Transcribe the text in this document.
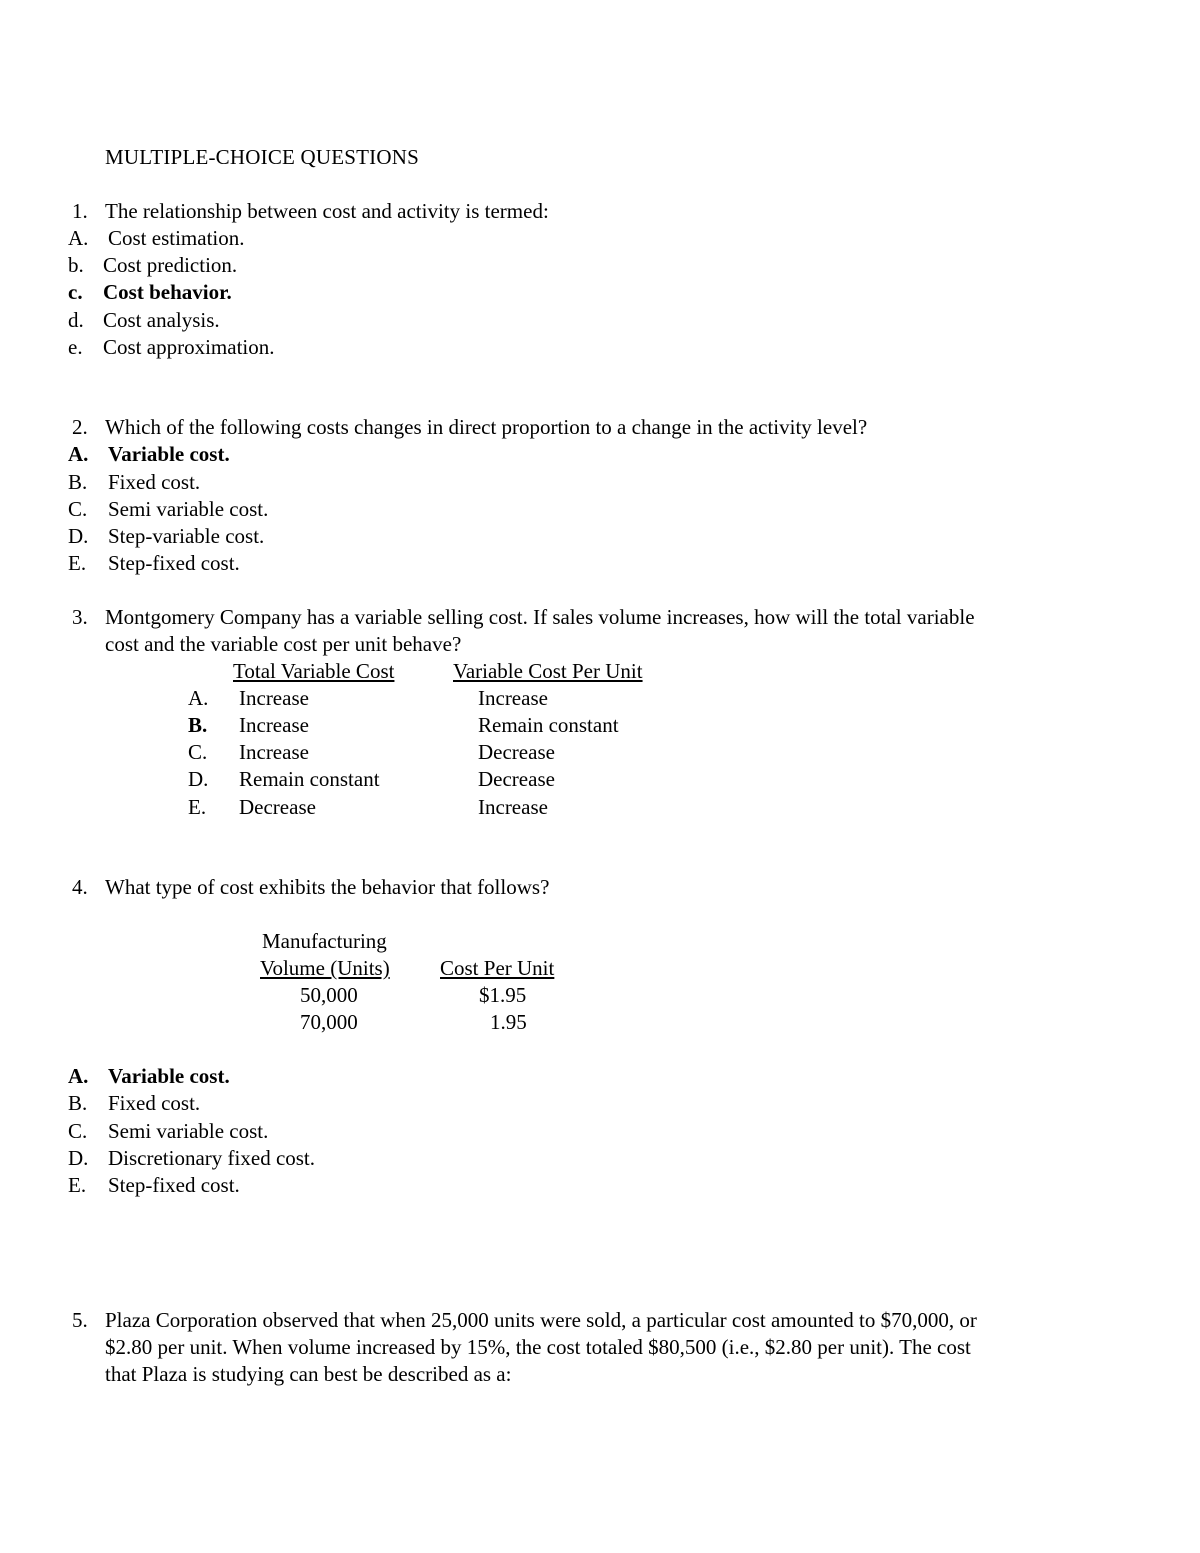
MULTIPLE-CHOICE QUESTIONS
1. The relationship between cost and activity is termed:
A. Cost estimation.
b. Cost prediction.
c. Cost behavior.
d. Cost analysis.
e. Cost approximation.
2. Which of the following costs changes in direct proportion to a change in the activity level?
A. Variable cost.
B. Fixed cost.
C. Semi variable cost.
D. Step-variable cost.
E. Step-fixed cost.
3. Montgomery Company has a variable selling cost. If sales volume increases, how will the total variable
cost and the variable cost per unit behave?
Total Variable Cost	Variable Cost Per Unit
A. Increase	Increase
B. Increase	Remain constant
C. Increase	Decrease
D. Remain constant	Decrease
E. Decrease	Increase
4. What type of cost exhibits the behavior that follows?
Manufacturing
Volume (Units) Cost Per Unit
50,000	$1.95
70,000	1.95
A. Variable cost.
B. Fixed cost.
C. Semi variable cost.
D. Discretionary fixed cost.
E. Step-fixed cost.
5. Plaza Corporation observed that when 25,000 units were sold, a particular cost amounted to $70,000, or
$2.80 per unit. When volume increased by 15%, the cost totaled $80,500 (i.e., $2.80 per unit). The cost
that Plaza is studying can best be described as a:
